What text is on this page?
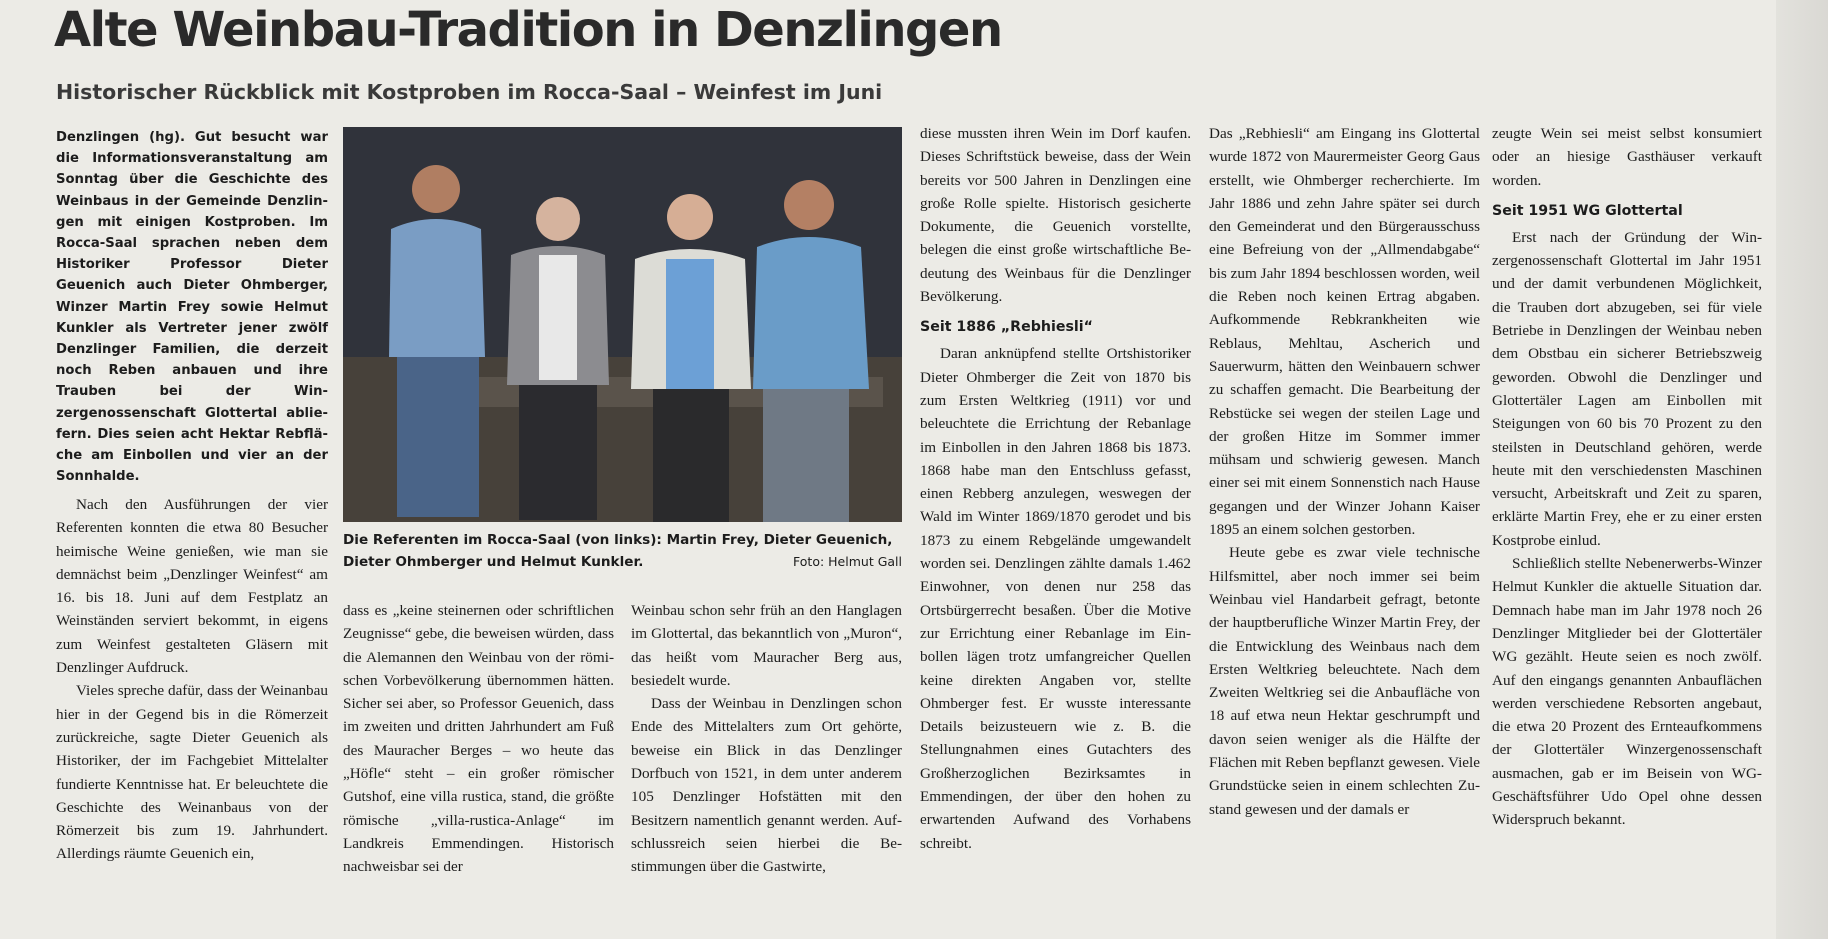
Alte Weinbau-Tradition in Denzlingen
Historischer Rückblick mit Kostproben im Rocca-Saal – Weinfest im Juni

Denzlingen (hg). Gut besucht war die Informationsveranstaltung am Sonntag über die Geschichte des Weinbaus in der Gemeinde Denzlingen mit einigen Kostproben. Im Rocca-Saal sprachen neben dem Historiker Professor Dieter Geuenich auch Dieter Ohmberger, Winzer Martin Frey sowie Helmut Kunkler als Vertreter jener zwölf Denzlinger Familien, die derzeit noch Reben anbauen und ihre Trauben bei der Winzergenossenschaft Glottertal abliefern. Dies seien acht Hektar Rebfläche am Einbollen und vier an der Sonnhalde.

Nach den Ausführungen der vier Referenten konnten die etwa 80 Besucher heimische Weine genießen, wie man sie demnächst beim „Denzlinger Weinfest“ am 16. bis 18. Juni auf dem Festplatz an Weinständen serviert bekommt, in eigens zum Weinfest gestalteten Gläsern mit Denzlinger Aufdruck.

Vieles spreche dafür, dass der Weinanbau hier in der Gegend bis in die Römerzeit zurückreiche, sagte Dieter Geuenich als Historiker, der im Fachgebiet Mittelalter fundierte Kenntnisse hat. Er beleuchtete die Geschichte des Weinanbaus von der Römerzeit bis zum 19. Jahrhundert. Allerdings räumte Geuenich ein,

Die Referenten im Rocca-Saal (von links): Martin Frey, Dieter Geuenich, Dieter Ohmberger und Helmut Kunkler.	Foto: Helmut Gall

dass es „keine steinernen oder schriftlichen Zeugnisse“ gebe, die beweisen würden, dass die Alemannen den Weinbau von der römischen Vorbevölkerung übernommen hätten. Sicher sei aber, so Professor Geuenich, dass im zweiten und dritten Jahrhundert am Fuß des Mauracher Berges – wo heute das „Höfle“ steht – ein großer römischer Gutshof, eine villa rustica, stand, die größte römische „villa-rustica-Anlage“ im Landkreis Emmendingen. Historisch nachweisbar sei der

Weinbau schon sehr früh an den Hanglagen im Glottertal, das bekanntlich von „Muron“, das heißt vom Mauracher Berg aus, besiedelt wurde.

Dass der Weinbau in Denzlingen schon Ende des Mittelalters zum Ort gehörte, beweise ein Blick in das Denzlinger Dorfbuch von 1521, in dem unter anderem 105 Denzlinger Hofstätten mit den Besitzern namentlich genannt werden. Aufschlussreich seien hierbei die Bestimmungen über die Gastwirte,

diese mussten ihren Wein im Dorf kaufen. Dieses Schriftstück beweise, dass der Wein bereits vor 500 Jahren in Denzlingen eine große Rolle spielte. Historisch gesicherte Dokumente, die Geuenich vorstellte, belegen die einst große wirtschaftliche Bedeutung des Weinbaus für die Denzlinger Bevölkerung.

Seit 1886 „Rebhiesli“

Daran anknüpfend stellte Ortshistoriker Dieter Ohmberger die Zeit von 1870 bis zum Ersten Weltkrieg (1911) vor und beleuchtete die Errichtung der Rebanlage im Einbollen in den Jahren 1868 bis 1873. 1868 habe man den Entschluss gefasst, einen Rebberg anzulegen, weswegen der Wald im Winter 1869/1870 gerodet und bis 1873 zu einem Rebgelände umgewandelt worden sei. Denzlingen zählte damals 1.462 Einwohner, von denen nur 258 das Ortsbürgerrecht besaßen. Über die Motive zur Errichtung einer Rebanlage im Einbollen lägen trotz umfangreicher Quellen keine direkten Angaben vor, stellte Ohmberger fest. Er wusste interessante Details beizusteuern wie z. B. die Stellungnahmen eines Gutachters des Großherzoglichen Bezirksamtes in Emmendingen, der über den hohen zu erwartenden Aufwand des Vorhabens schreibt.

Das „Rebhiesli“ am Eingang ins Glottertal wurde 1872 von Maurermeister Georg Gaus erstellt, wie Ohmberger recherchierte. Im Jahr 1886 und zehn Jahre später sei durch den Gemeinderat und den Bürgerausschuss eine Befreiung von der „Allmendabgabe“ bis zum Jahr 1894 beschlossen worden, weil die Reben noch keinen Ertrag abgaben. Aufkommende Rebkrankheiten wie Reblaus, Mehltau, Ascherich und Sauerwurm, hätten den Weinbauern schwer zu schaffen gemacht. Die Bearbeitung der Rebstücke sei wegen der steilen Lage und der großen Hitze im Sommer immer mühsam und schwierig gewesen. Manch einer sei mit einem Sonnenstich nach Hause gegangen und der Winzer Johann Kaiser 1895 an einem solchen gestorben.

Heute gebe es zwar viele technische Hilfsmittel, aber noch immer sei beim Weinbau viel Handarbeit gefragt, betonte der hauptberufliche Winzer Martin Frey, der die Entwicklung des Weinbaus nach dem Ersten Weltkrieg beleuchtete. Nach dem Zweiten Weltkrieg sei die Anbaufläche von 18 auf etwa neun Hektar geschrumpft und davon seien weniger als die Hälfte der Flächen mit Reben bepflanzt gewesen. Viele Grundstücke seien in einem schlechten Zustand gewesen und der damals er

zeugte Wein sei meist selbst konsumiert oder an hiesige Gasthäuser verkauft worden.

Seit 1951 WG Glottertal

Erst nach der Gründung der Winzergenossenschaft Glottertal im Jahr 1951 und der damit verbundenen Möglichkeit, die Trauben dort abzugeben, sei für viele Betriebe in Denzlingen der Weinbau neben dem Obstbau ein sicherer Betriebszweig geworden. Obwohl die Denzlinger und Glottertäler Lagen am Einbollen mit Steigungen von 60 bis 70 Prozent zu den steilsten in Deutschland gehören, werde heute mit den verschiedensten Maschinen versucht, Arbeitskraft und Zeit zu sparen, erklärte Martin Frey, ehe er zu einer ersten Kostprobe einlud.

Schließlich stellte Nebenerwerbs-Winzer Helmut Kunkler die aktuelle Situation dar. Demnach habe man im Jahr 1978 noch 26 Denzlinger Mitglieder bei der Glottertäler WG gezählt. Heute seien es noch zwölf. Auf den eingangs genannten Anbauflächen werden verschiedene Rebsorten angebaut, die etwa 20 Prozent des Ernteaufkommens der Glottertäler Winzergenossenschaft ausmachen, gab er im Beisein von WG-Geschäftsführer Udo Opel ohne dessen Widerspruch bekannt.
